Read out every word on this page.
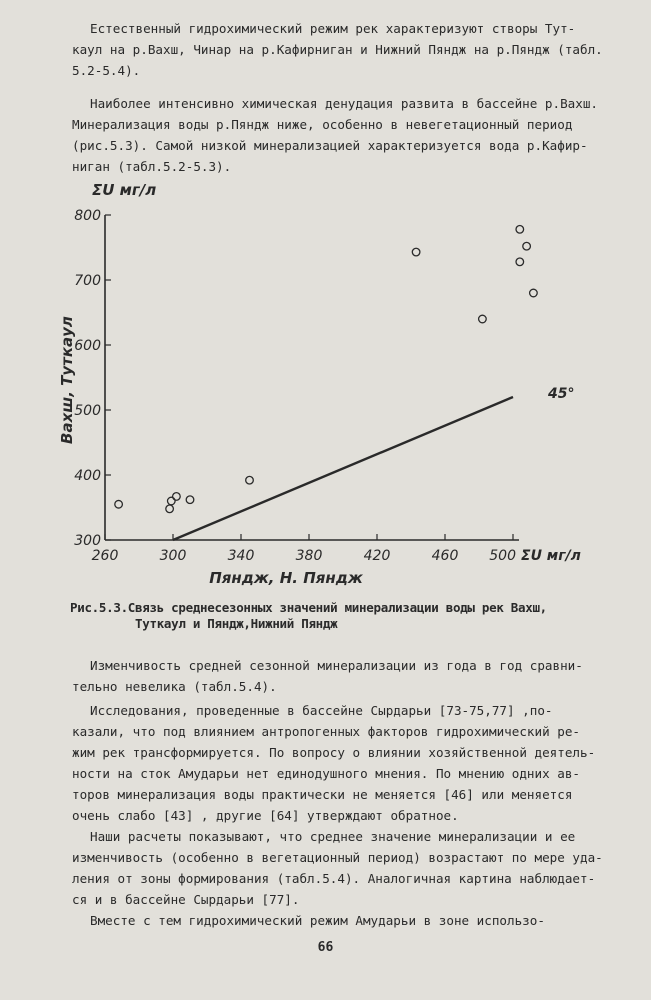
Естественный гидрохимический режим рек характеризуют створы Тут-
каул на р.Вахш, Чинар на р.Кафирниган и Нижний Пяндж на р.Пяндж (табл.
5.2-5.4).
Наиболее интенсивно химическая денудация развита в бассейне р.Вахш.
Минерализация воды р.Пяндж ниже, особенно в невегетационный период
(рис.5.3). Самой низкой минерализацией характеризуется вода р.Кафир-
ниган (табл.5.2-5.3).
260	300	340	380	420	460 500
300
400
500
600
700
800
ΣU мг/л
Вахш, Туткаул
Пяндж, Н. Пяндж
ΣU мг/л
45°
Рис.5.3.Связь среднесезонных значений минерализации воды рек Вахш,
Туткаул и Пяндж,Нижний Пяндж
Изменчивость средней сезонной минерализации из года в год сравни-
тельно невелика (табл.5.4).
Исследования, проведенные в бассейне Сырдарьи [73-75,77] ,по-
казали, что под влиянием антропогенных факторов гидрохимический ре-
жим рек трансформируется. По вопросу о влиянии хозяйственной деятель-
ности на сток Амударьи нет единодушного мнения. По мнению одних ав-
торов минерализация воды практически не меняется [46] или меняется
очень слабо [43] , другие [64] утверждают обратное.
Наши расчеты показывают, что среднее значение минерализации и ее
изменчивость (особенно в вегетационный период) возрастают по мере уда-
ления от зоны формирования (табл.5.4). Аналогичная картина наблюдает-
ся и в бассейне Сырдарьи [77].
Вместе с тем гидрохимический режим Амударьи в зоне использо-
66
